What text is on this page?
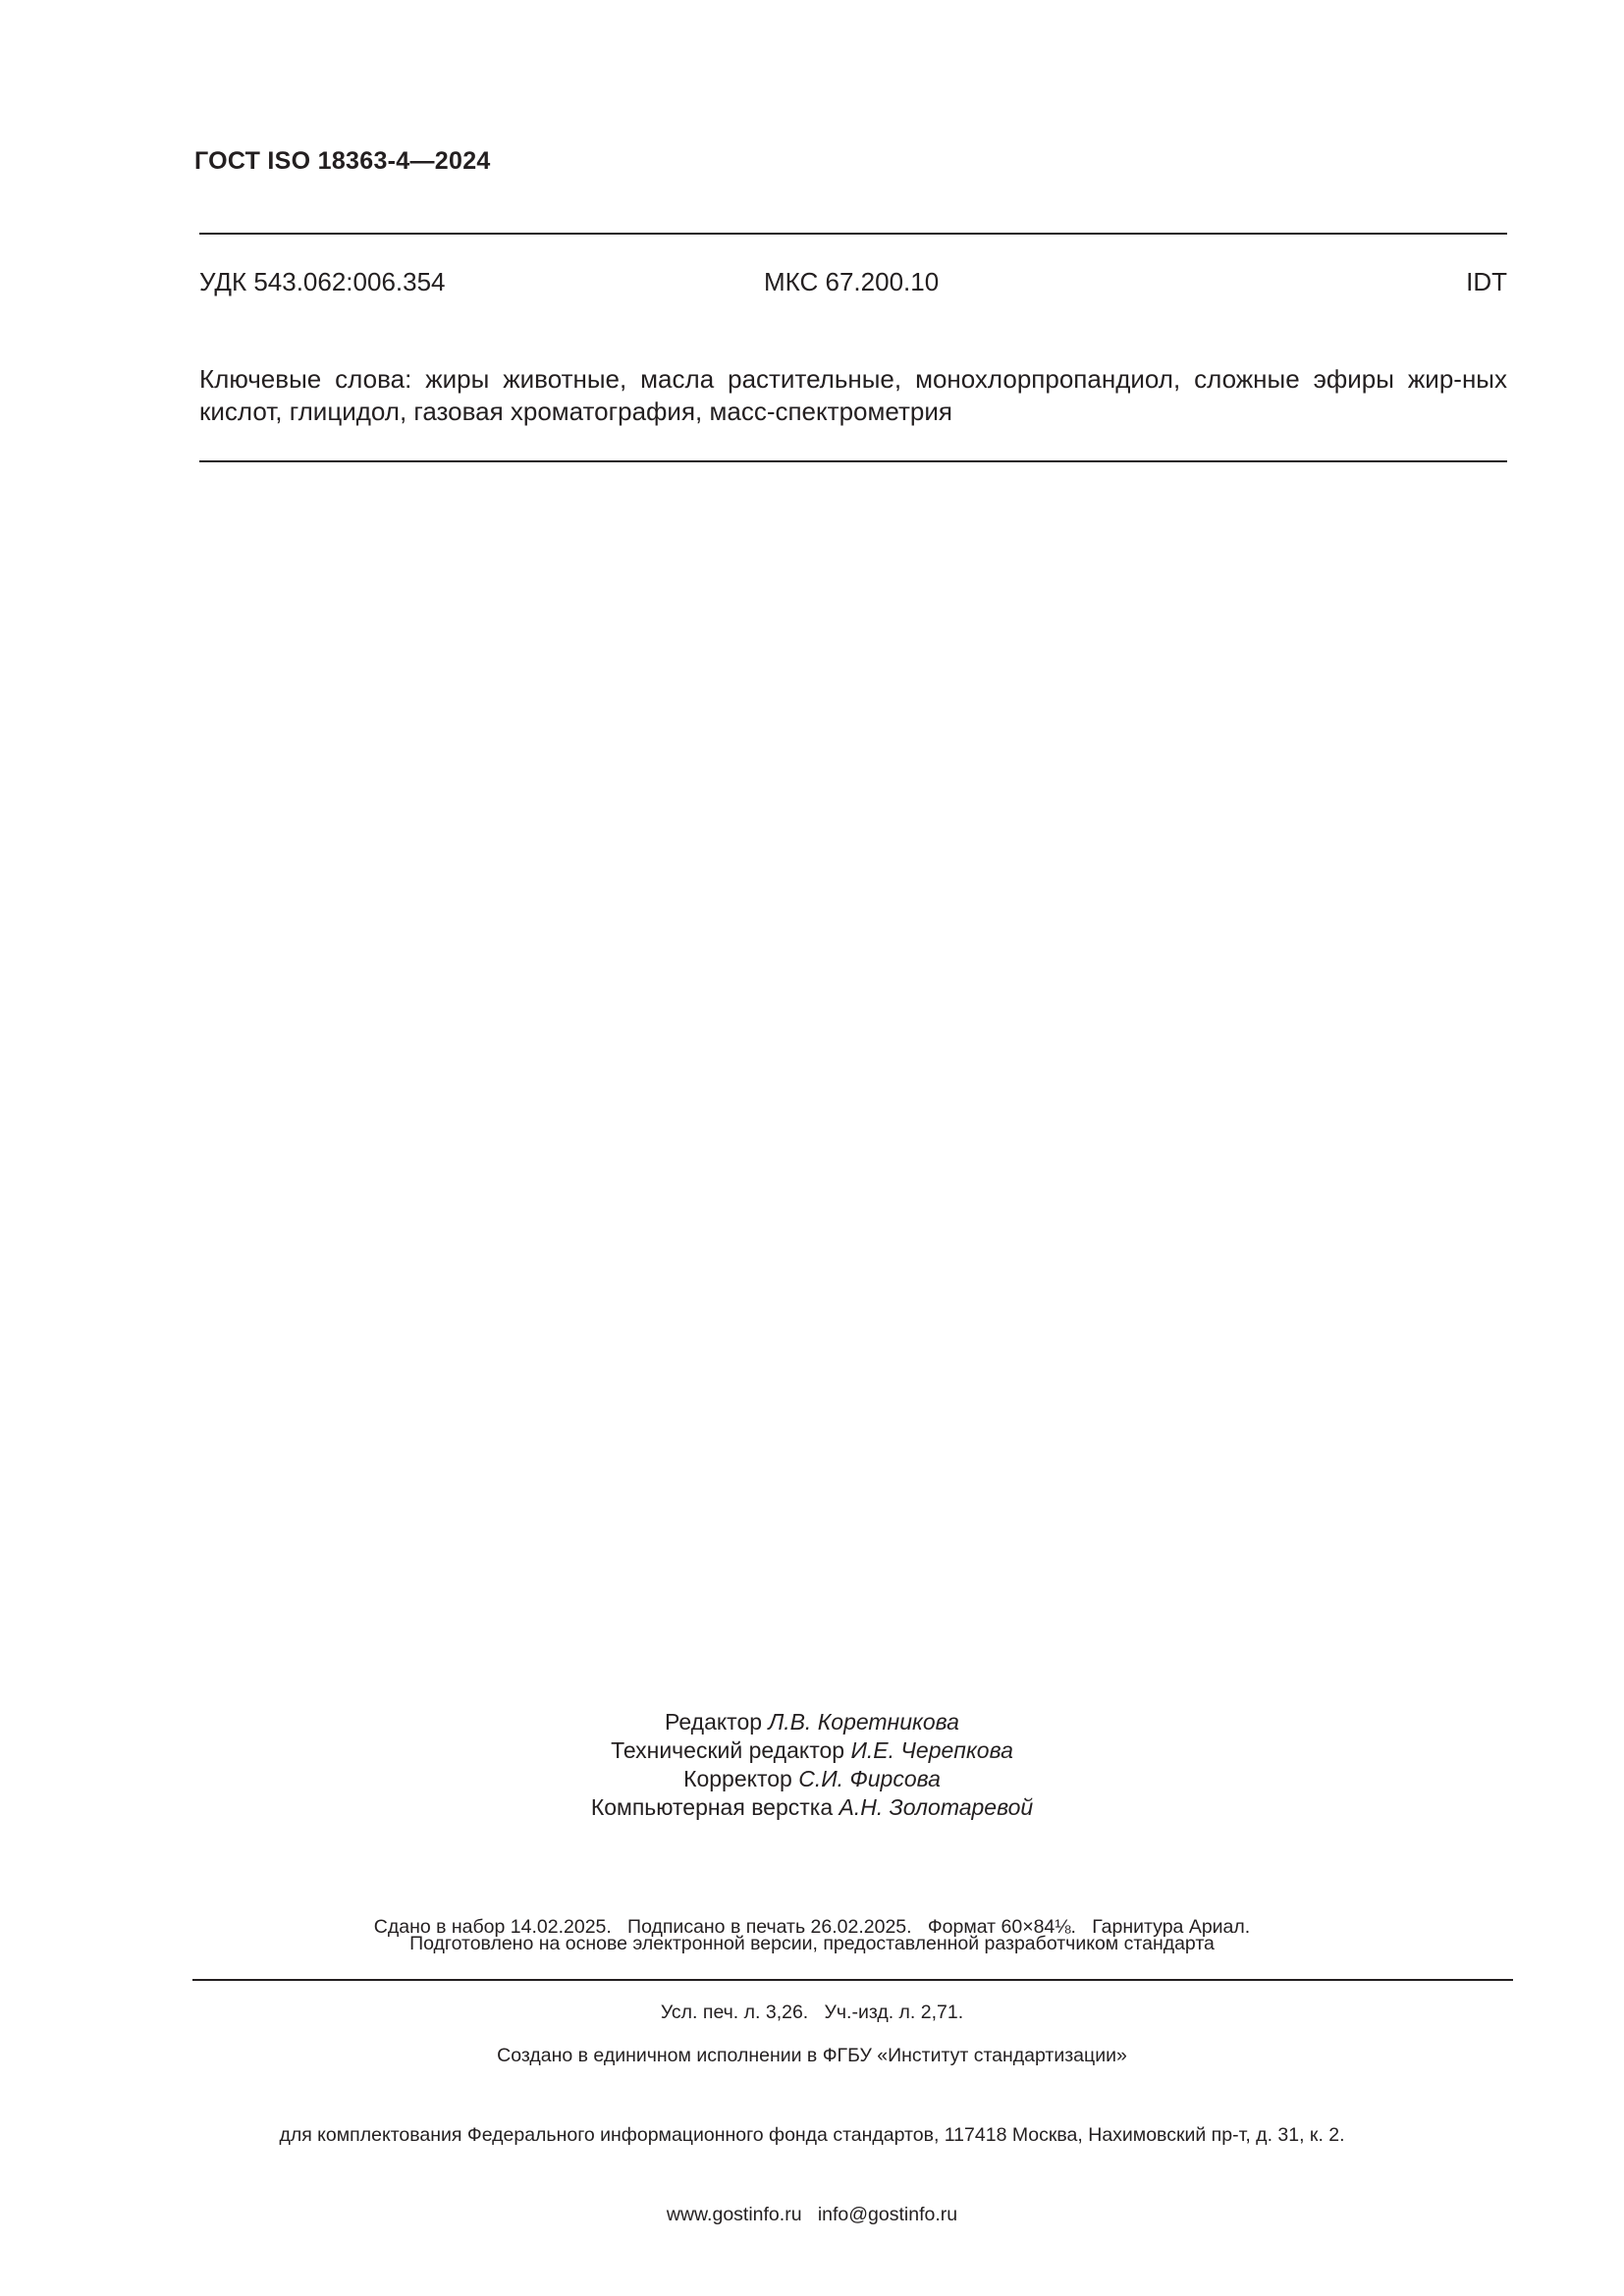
ГОСТ ISO 18363-4—2024
УДК 543.062:006.354	МКС 67.200.10	IDT
Ключевые слова: жиры животные, масла растительные, монохлорпропандиол, сложные эфиры жир-ных кислот, глицидол, газовая хроматография, масс-спектрометрия
Редактор Л.В. Коретникова
Технический редактор И.Е. Черепкова
Корректор С.И. Фирсова
Компьютерная верстка А.Н. Золотаревой

Сдано в набор 14.02.2025.   Подписано в печать 26.02.2025.   Формат 60×84⅛.   Гарнитура Ариал.

Усл. печ. л. 3,26.   Уч.-изд. л. 2,71.

Подготовлено на основе электронной версии, предоставленной разработчиком стандарта

Создано в единичном исполнении в ФГБУ «Институт стандартизации»

для комплектования Федерального информационного фонда стандартов, 117418 Москва, Нахимовский пр-т, д. 31, к. 2.

www.gostinfo.ru info@gostinfo.ru
